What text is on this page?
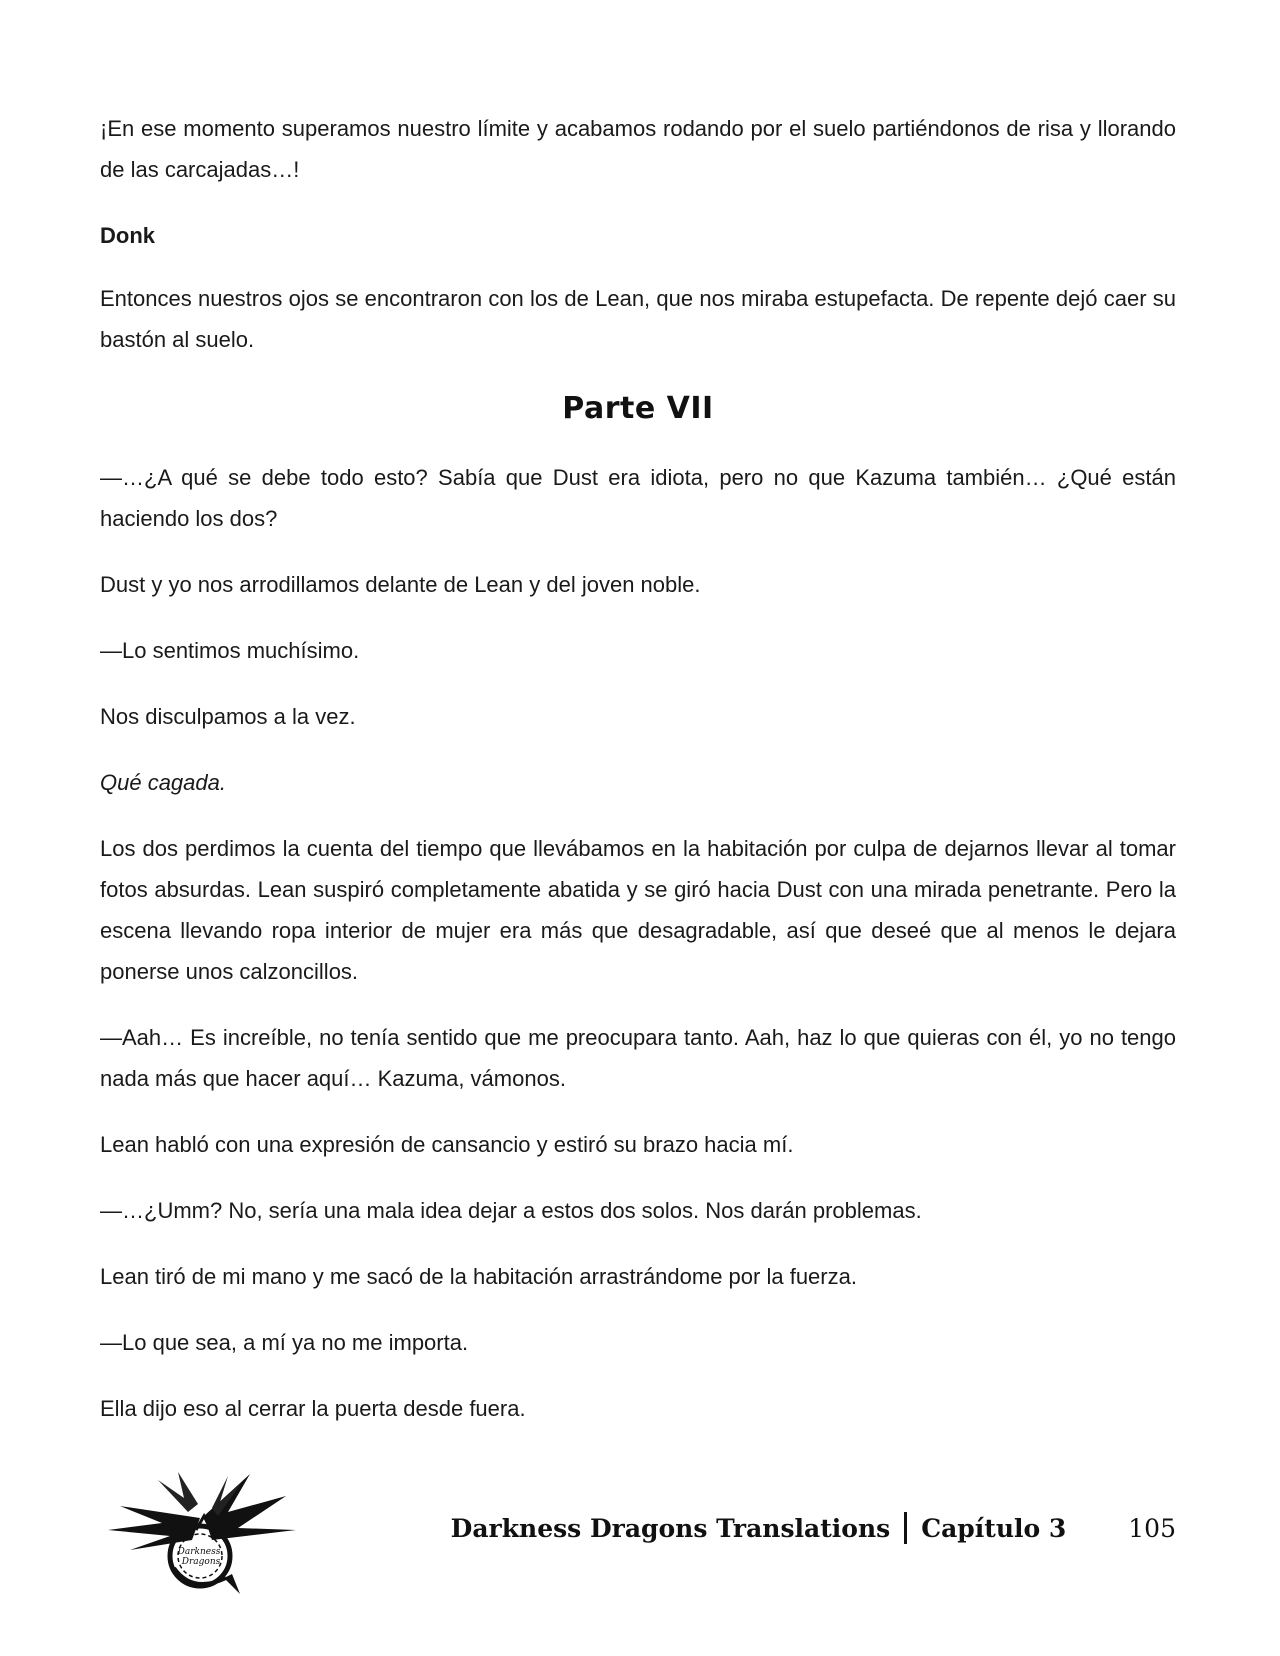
¡En ese momento superamos nuestro límite y acabamos rodando por el suelo partiéndonos de risa y llorando de las carcajadas…!

Donk

Entonces nuestros ojos se encontraron con los de Lean, que nos miraba estupefacta. De repente dejó caer su bastón al suelo.

Parte VII

—…¿A qué se debe todo esto? Sabía que Dust era idiota, pero no que Kazuma también… ¿Qué están haciendo los dos?

Dust y yo nos arrodillamos delante de Lean y del joven noble.

—Lo sentimos muchísimo.

Nos disculpamos a la vez.

Qué cagada.

Los dos perdimos la cuenta del tiempo que llevábamos en la habitación por culpa de dejarnos llevar al tomar fotos absurdas. Lean suspiró completamente abatida y se giró hacia Dust con una mirada penetrante. Pero la escena llevando ropa interior de mujer era más que desagradable, así que deseé que al menos le dejara ponerse unos calzoncillos.

—Aah… Es increíble, no tenía sentido que me preocupara tanto. Aah, haz lo que quieras con él, yo no tengo nada más que hacer aquí… Kazuma, vámonos.

Lean habló con una expresión de cansancio y estiró su brazo hacia mí.

—…¿Umm? No, sería una mala idea dejar a estos dos solos. Nos darán problemas.

Lean tiró de mi mano y me sacó de la habitación arrastrándome por la fuerza.

—Lo que sea, a mí ya no me importa.

Ella dijo eso al cerrar la puerta desde fuera.

Darkness
Dragons
Darkness Dragons Translations Capítulo 3 105
